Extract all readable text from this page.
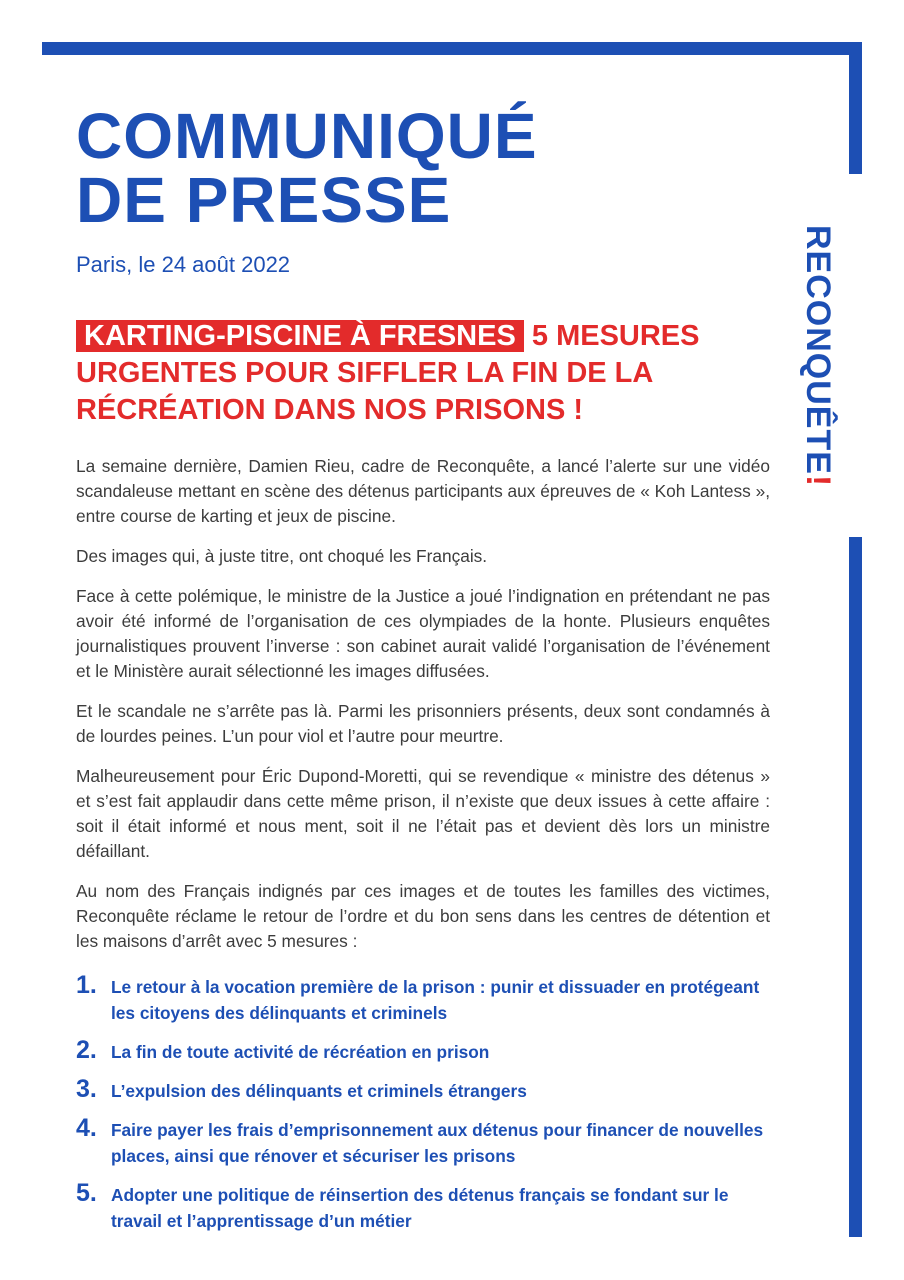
RECONQUÊTE!
COMMUNIQUÉ
DE PRESSE
Paris, le 24 août 2022
KARTING-PISCINE À FRESNES 5 MESURES URGENTES POUR SIFFLER LA FIN DE LA RÉCRÉATION DANS NOS PRISONS !

La semaine dernière, Damien Rieu, cadre de Reconquête, a lancé l’alerte sur une vidéo scandaleuse mettant en scène des détenus participants aux épreuves de « Koh Lantess », entre course de karting et jeux de piscine.

Des images qui, à juste titre, ont choqué les Français.

Face à cette polémique, le ministre de la Justice a joué l’indignation en prétendant ne pas avoir été informé de l’organisation de ces olympiades de la honte. Plusieurs enquêtes journalistiques prouvent l’inverse : son cabinet aurait validé l’organisation de l’événement et le Ministère aurait sélectionné les images diffusées.

Et le scandale ne s’arrête pas là. Parmi les prisonniers présents, deux sont condamnés à de lourdes peines. L’un pour viol et l’autre pour meurtre.

Malheureusement pour Éric Dupond-Moretti, qui se revendique « ministre des détenus » et s’est fait applaudir dans cette même prison, il n’existe que deux issues à cette affaire : soit il était informé et nous ment, soit il ne l’était pas et devient dès lors un ministre défaillant.

Au nom des Français indignés par ces images et de toutes les familles des victimes, Reconquête réclame le retour de l’ordre et du bon sens dans les centres de détention et les maisons d’arrêt avec 5 mesures :

1. Le retour à la vocation première de la prison : punir et dissuader en protégeant les citoyens des délinquants et criminels
2. La fin de toute activité de récréation en prison
3. L’expulsion des délinquants et criminels étrangers
4. Faire payer les frais d’emprisonnement aux détenus pour financer de nouvelles places, ainsi que rénover et sécuriser les prisons
5. Adopter une politique de réinsertion des détenus français se fondant sur le travail et l’apprentissage d’un métier
